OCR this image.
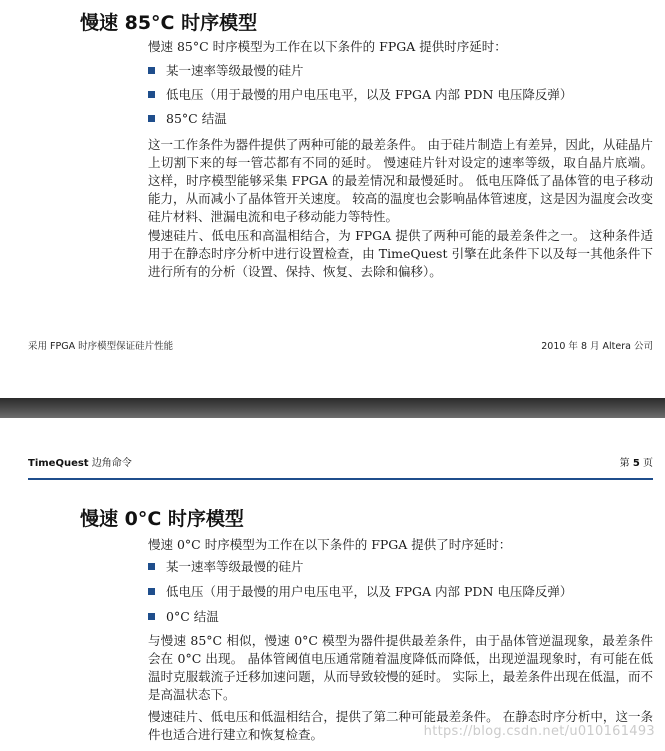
慢速 85°C 时序模型

慢速 85°C 时序模型为工作在以下条件的 FPGA 提供时序延时：

某一速率等级最慢的硅片
低电压（用于最慢的用户电压电平，以及 FPGA 内部 PDN 电压降反弹）
85°C 结温

这一工作条件为器件提供了两种可能的最差条件。 由于硅片制造上有差异，因此，从硅晶片上切割下来的每一管芯都有不同的延时。 慢速硅片针对设定的速率等级，取自晶片底端。 这样，时序模型能够采集 FPGA 的最差情况和最慢延时。 低电压降低了晶体管的电子移动能力，从而减小了晶体管开关速度。 较高的温度也会影响晶体管速度，这是因为温度会改变硅片材料、泄漏电流和电子移动能力等特性。

慢速硅片、低电压和高温相结合，为 FPGA 提供了两种可能的最差条件之一。 这种条件适用于在静态时序分析中进行设置检查，由 TimeQuest 引擎在此条件下以及每一其他条件下进行所有的分析（设置、保持、恢复、去除和偏移）。

采用 FPGA 时序模型保证硅片性能	2010 年 8 月 Altera 公司
TimeQuest 边角命令	第 5 页
慢速 0°C 时序模型

慢速 0°C 时序模型为工作在以下条件的 FPGA 提供了时序延时：

某一速率等级最慢的硅片
低电压（用于最慢的用户电压电平，以及 FPGA 内部 PDN 电压降反弹）
0°C 结温

与慢速 85°C 相似，慢速 0°C 模型为器件提供最差条件，由于晶体管逆温现象，最差条件会在 0°C 出现。 晶体管阈值电压通常随着温度降低而降低，出现逆温现象时，有可能在低温时克服载流子迁移加速问题，从而导致较慢的延时。 实际上，最差条件出现在低温，而不是高温状态下。

慢速硅片、低电压和低温相结合，提供了第二种可能最差条件。 在静态时序分析中，这一条件也适合进行建立和恢复检查。	https://blog.csdn.net/u010161493
